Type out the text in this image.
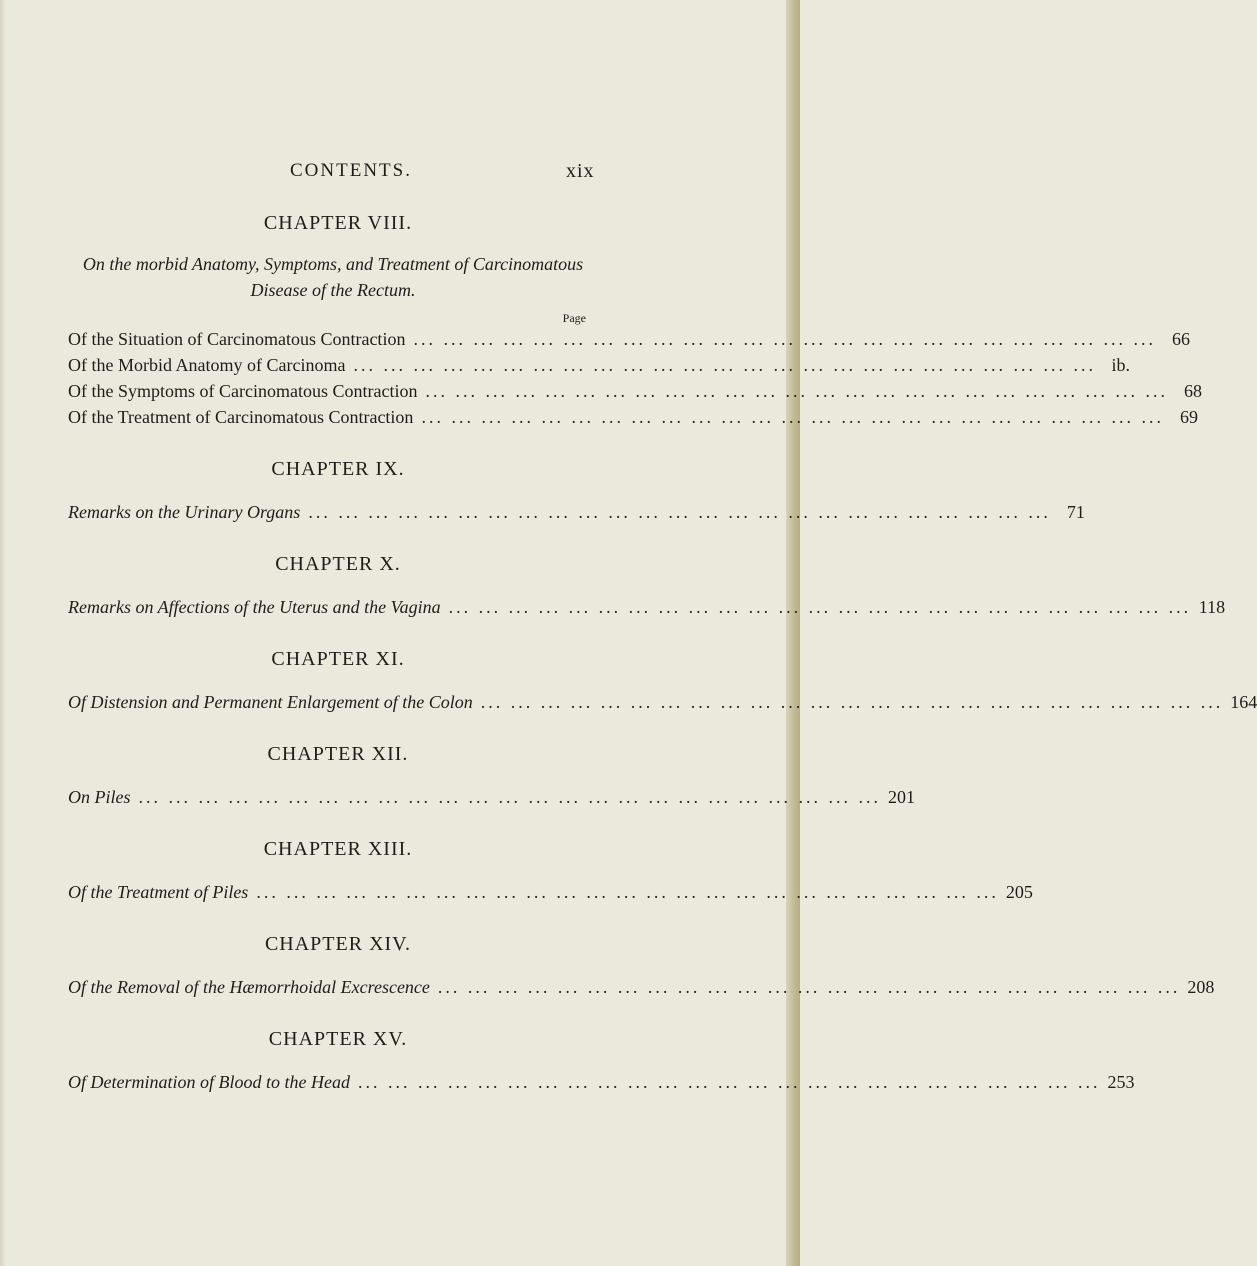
CONTENTS.	xix
CHAPTER VIII.
On the morbid Anatomy, Symptoms, and Treatment of Carcinomatous
Disease of the Rectum.
Page
Of the Situation of Carcinomatous Contraction ... ... ... ... ... ... ... ... ... ... ... ... ... ... ... ... ... ... ... ... ... ... ... ... ... 66
Of the Morbid Anatomy of Carcinoma ... ... ... ... ... ... ... ... ... ... ... ... ... ... ... ... ... ... ... ... ... ... ... ... ... ib.
Of the Symptoms of Carcinomatous Contraction ... ... ... ... ... ... ... ... ... ... ... ... ... ... ... ... ... ... ... ... ... ... ... ... ... 68
Of the Treatment of Carcinomatous Contraction ... ... ... ... ... ... ... ... ... ... ... ... ... ... ... ... ... ... ... ... ... ... ... ... ... 69
CHAPTER IX.
Remarks on the Urinary Organs ... ... ... ... ... ... ... ... ... ... ... ... ... ... ... ... ... ... ... ... ... ... ... ... ... 71
CHAPTER X.
Remarks on Affections of the Uterus and the Vagina ... ... ... ... ... ... ... ... ... ... ... ... ... ... ... ... ... ... ... ... ... ... ... ... ... 118
CHAPTER XI.
Of Distension and Permanent Enlargement of the Colon ... ... ... ... ... ... ... ... ... ... ... ... ... ... ... ... ... ... ... ... ... ... ... ... ... 164
CHAPTER XII.
On Piles ... ... ... ... ... ... ... ... ... ... ... ... ... ... ... ... ... ... ... ... ... ... ... ... ... 201
CHAPTER XIII.
Of the Treatment of Piles ... ... ... ... ... ... ... ... ... ... ... ... ... ... ... ... ... ... ... ... ... ... ... ... ... 205
CHAPTER XIV.
Of the Removal of the Hæmorrhoidal Excrescence ... ... ... ... ... ... ... ... ... ... ... ... ... ... ... ... ... ... ... ... ... ... ... ... ... 208
CHAPTER XV.
Of Determination of Blood to the Head ... ... ... ... ... ... ... ... ... ... ... ... ... ... ... ... ... ... ... ... ... ... ... ... ... 253
